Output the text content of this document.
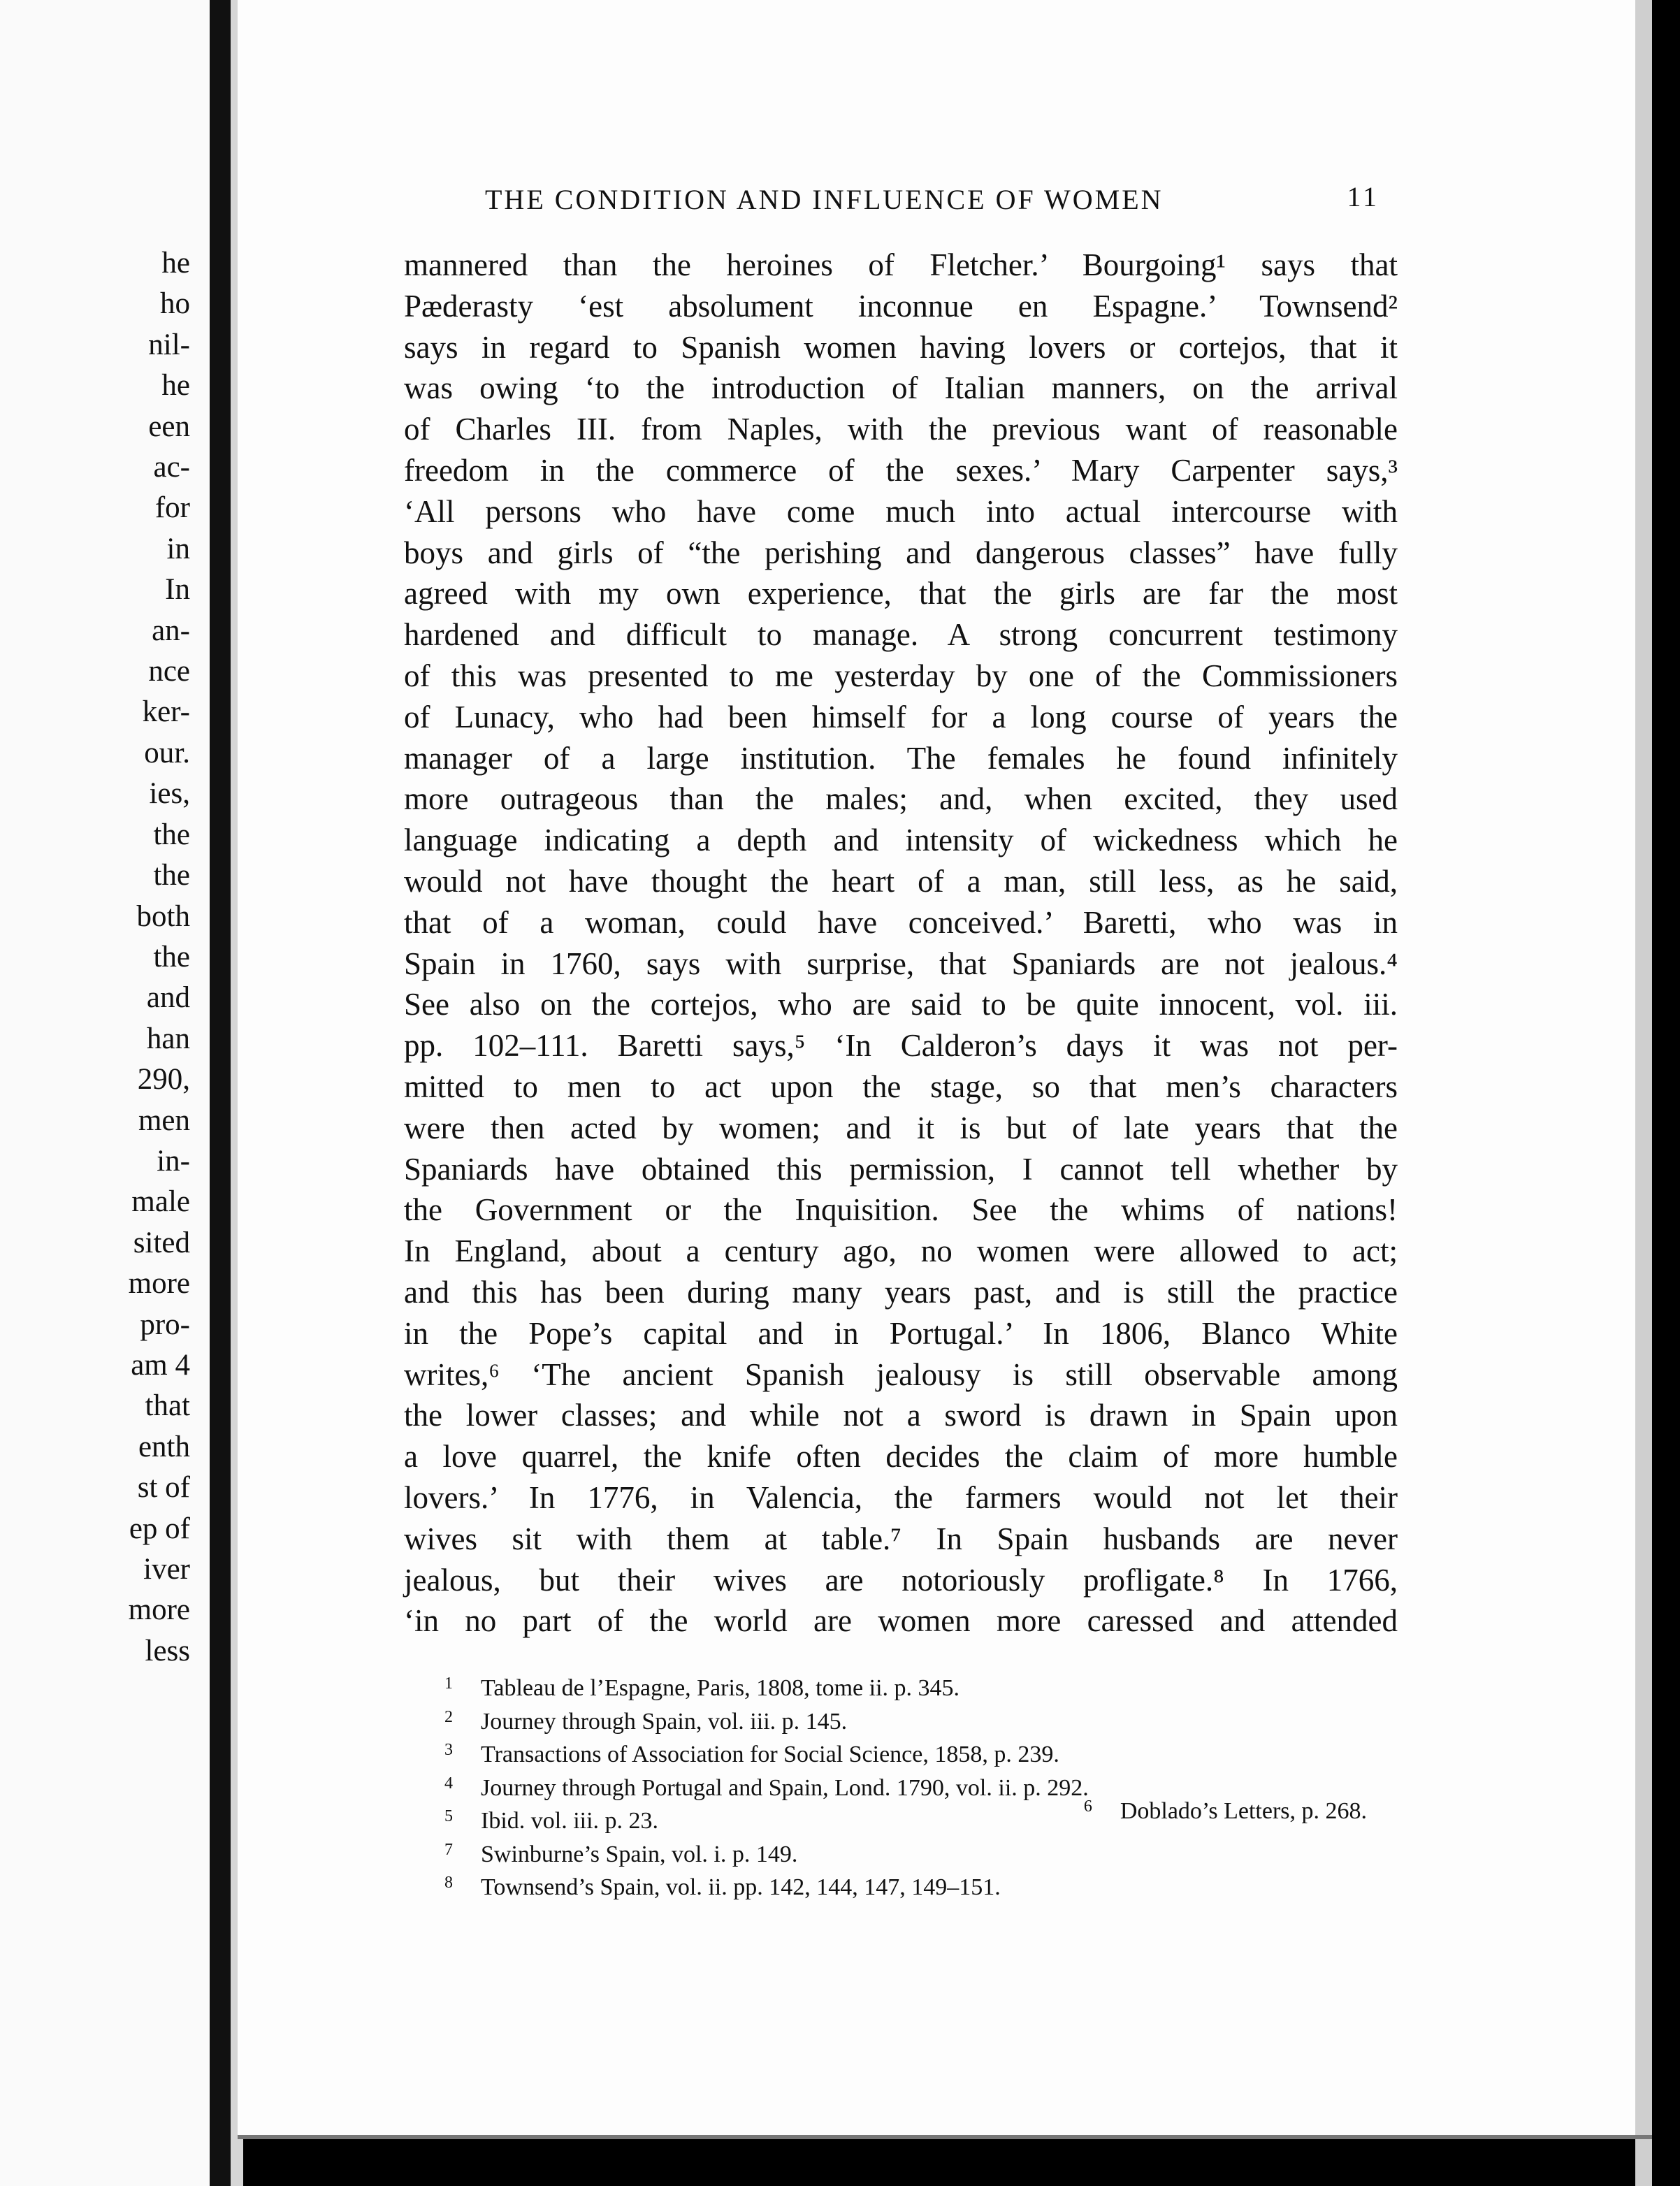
he
ho
nil-
he
een
ac-
for
in
In
an-
nce
ker-
our.
ies,
the
the
both
the
and
han
290,
men
in-
male
sited
more
pro-
am 4
that
enth
st of
ep of
iver
more
less
THE CONDITION AND INFLUENCE OF WOMEN	11
mannered than the heroines of Fletcher.’ Bourgoing¹ says that
Pæderasty ‘est absolument inconnue en Espagne.’ Townsend²
says in regard to Spanish women having lovers or cortejos, that it
was owing ‘to the introduction of Italian manners, on the arrival
of Charles III. from Naples, with the previous want of reasonable
freedom in the commerce of the sexes.’ Mary Carpenter says,³
‘All persons who have come much into actual intercourse with
boys and girls of “the perishing and dangerous classes” have fully
agreed with my own experience, that the girls are far the most
hardened and difficult to manage. A strong concurrent testimony
of this was presented to me yesterday by one of the Commissioners
of Lunacy, who had been himself for a long course of years the
manager of a large institution. The females he found infinitely
more outrageous than the males; and, when excited, they used
language indicating a depth and intensity of wickedness which he
would not have thought the heart of a man, still less, as he said,
that of a woman, could have conceived.’ Baretti, who was in
Spain in 1760, says with surprise, that Spaniards are not jealous.⁴
See also on the cortejos, who are said to be quite innocent, vol. iii.
pp. 102–111. Baretti says,⁵ ‘In Calderon’s days it was not per-
mitted to men to act upon the stage, so that men’s characters
were then acted by women; and it is but of late years that the
Spaniards have obtained this permission, I cannot tell whether by
the Government or the Inquisition. See the whims of nations!
In England, about a century ago, no women were allowed to act;
and this has been during many years past, and is still the practice
in the Pope’s capital and in Portugal.’ In 1806, Blanco White
writes,⁶ ‘The ancient Spanish jealousy is still observable among
the lower classes; and while not a sword is drawn in Spain upon
a love quarrel, the knife often decides the claim of more humble
lovers.’ In 1776, in Valencia, the farmers would not let their
wives sit with them at table.⁷ In Spain husbands are never
jealous, but their wives are notoriously profligate.⁸ In 1766,
‘in no part of the world are women more caressed and attended
1 Tableau de l’Espagne, Paris, 1808, tome ii. p. 345.
2 Journey through Spain, vol. iii. p. 145.
3 Transactions of Association for Social Science, 1858, p. 239.
4 Journey through Portugal and Spain, Lond. 1790, vol. ii. p. 292.
5 Ibid. vol. iii. p. 23.
6 Doblado’s Letters, p. 268.
7 Swinburne’s Spain, vol. i. p. 149.
8 Townsend’s Spain, vol. ii. pp. 142, 144, 147, 149–151.
